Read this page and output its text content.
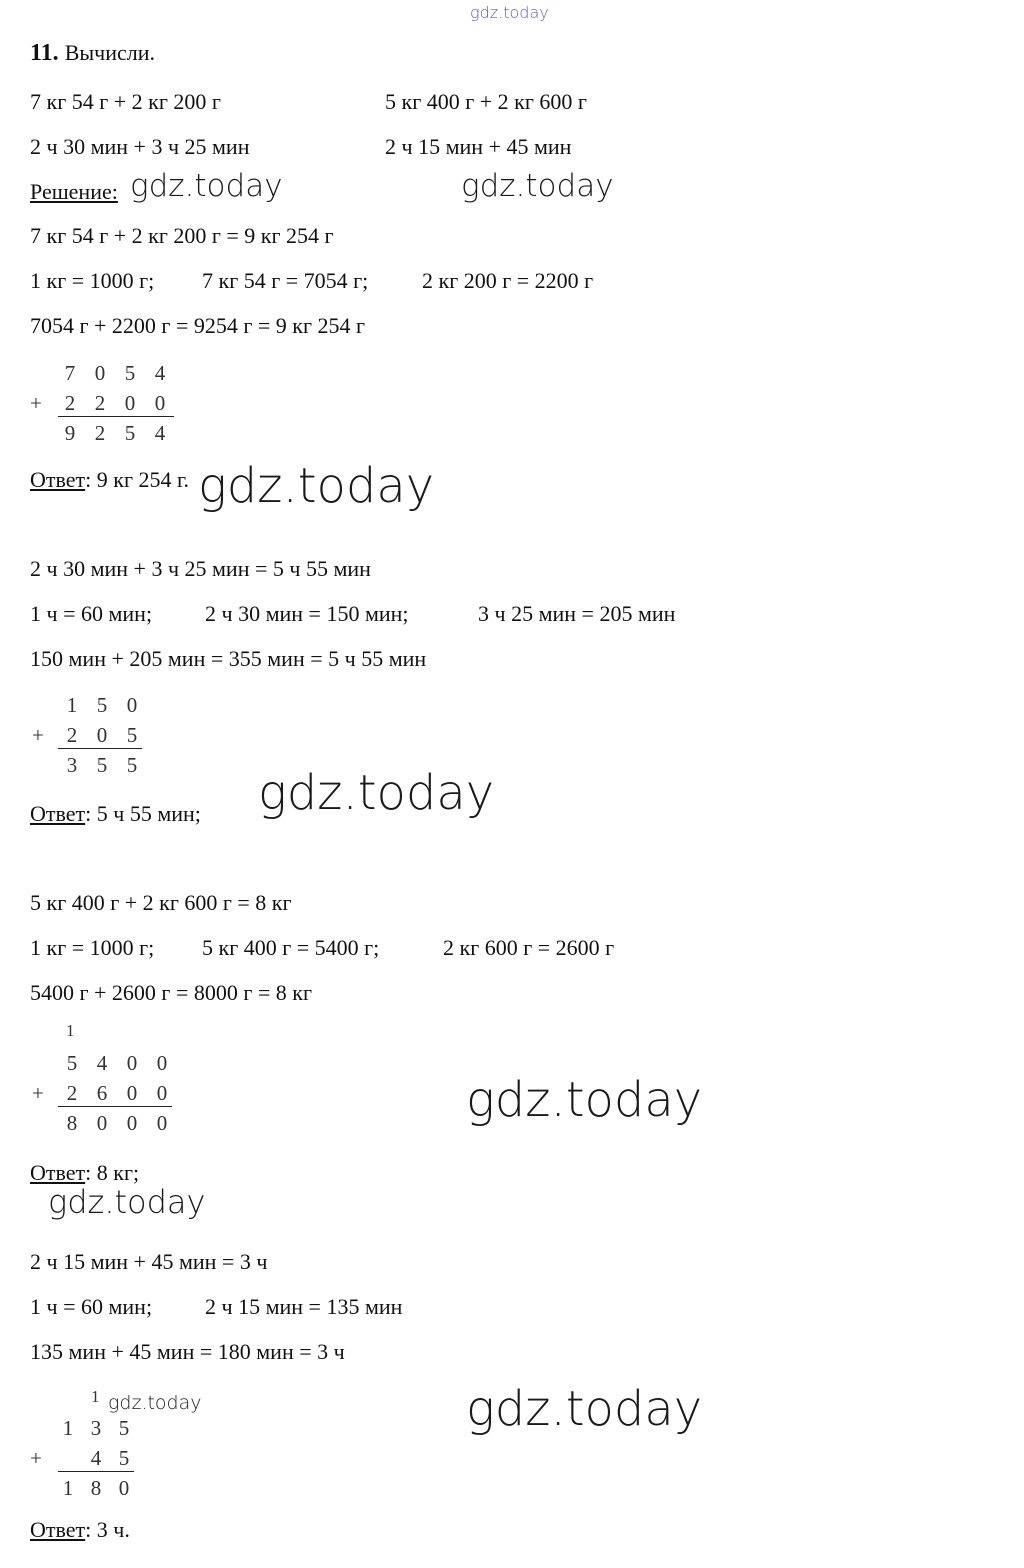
gdz.today
11. Вычисли.
7 кг 54 г + 2 кг 200 г	5 кг 400 г + 2 кг 600 г
2 ч 30 мин + 3 ч 25 мин	2 ч 15 мин + 45 мин
Решение: gdz.today	gdz.today
7 кг 54 г + 2 кг 200 г = 9 кг 254 г
1 кг = 1000 г; 7 кг 54 г = 7054 г; 2 кг 200 г = 2200 г
7054 г + 2200 г = 9254 г = 9 кг 254 г
7 0 5 4
+ 2 2 0 0
9 2 5 4
Ответ: 9 кг 254 г. gdz.today
2 ч 30 мин + 3 ч 25 мин = 5 ч 55 мин
1 ч = 60 мин; 2 ч 30 мин = 150 мин;	3 ч 25 мин = 205 мин
150 мин + 205 мин = 355 мин = 5 ч 55 мин
1 5 0
+ 2 0 5
3 5 5
Ответ: 5 ч 55 мин; gdz.today
5 кг 400 г + 2 кг 600 г = 8 кг
1 кг = 1000 г; 5 кг 400 г = 5400 г;	2 кг 600 г = 2600 г
5400 г + 2600 г = 8000 г = 8 кг
1
5 4 0 0
+ 2 6 0 0
8 0 0 0	gdz.today
Ответ: 8 кг;
gdz.today
2 ч 15 мин + 45 мин = 3 ч
1 ч = 60 мин; 2 ч 15 мин = 135 мин
135 мин + 45 мин = 180 мин = 3 ч
1 gdz.today
1 3 5
+ 4 5
1 8 0
gdz.today
Ответ: 3 ч.
